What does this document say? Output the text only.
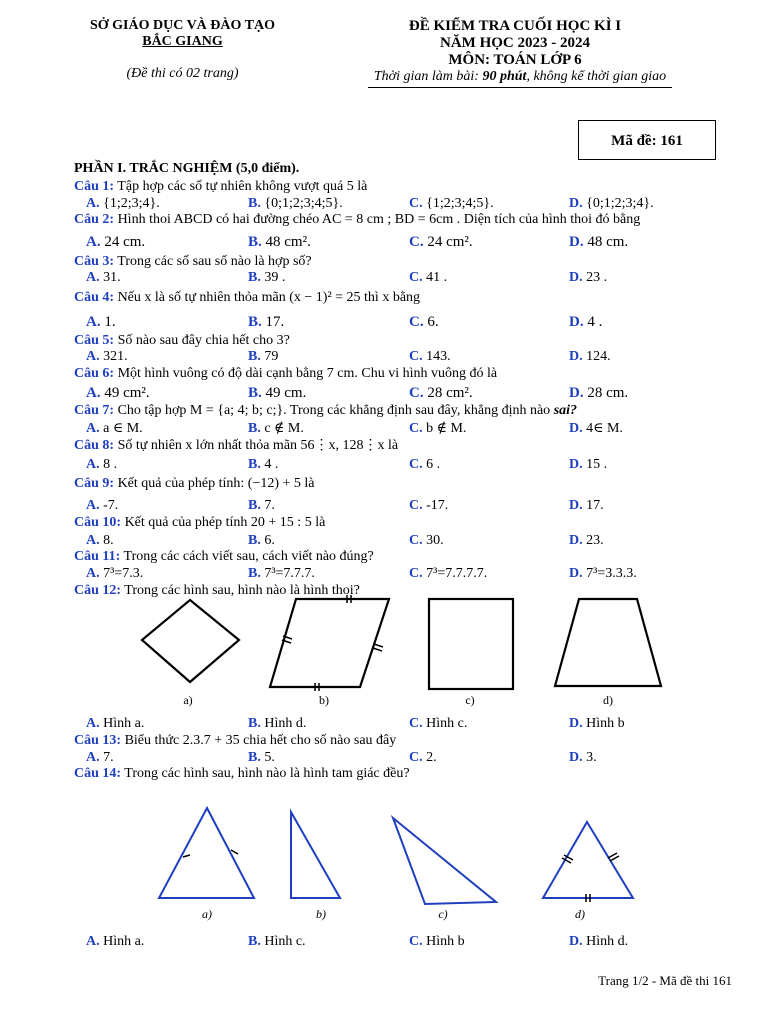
SỞ GIÁO DỤC VÀ ĐÀO TẠO
BẮC GIANG
(Đề thi có 02 trang)
ĐỀ KIỂM TRA CUỐI HỌC KÌ I
NĂM HỌC 2023 - 2024
MÔN: TOÁN LỚP 6
Thời gian làm bài: 90 phút, không kể thời gian giao
Mã đề: 161
PHẦN I. TRẮC NGHIỆM (5,0 điểm).
Câu 1: Tập hợp các số tự nhiên không vượt quá 5 là
A. {1;2;3;4}.	B. {0;1;2;3;4;5}.	C. {1;2;3;4;5}.	D. {0;1;2;3;4}.
Câu 2: Hình thoi ABCD có hai đường chéo AC = 8 cm ; BD = 6cm . Diện tích của hình thoi đó bằng
A. 24 cm.	B. 48 cm².	C. 24 cm².	D. 48 cm.
Câu 3: Trong các số sau số nào là hợp số?
A. 31.	B. 39 .	C. 41 .	D. 23 .
Câu 4: Nếu x là số tự nhiên thỏa mãn (x − 1)² = 25 thì x bằng
A. 1.	B. 17.	C. 6.	D. 4 .
Câu 5: Số nào sau đây chia hết cho 3?
A. 321.	B. 79	C. 143.	D. 124.
Câu 6: Một hình vuông có độ dài cạnh bằng 7 cm. Chu vi hình vuông đó là
A. 49 cm².	B. 49 cm.	C. 28 cm².	D. 28 cm.
Câu 7: Cho tập hợp M = {a; 4; b; c;}. Trong các khẳng định sau đây, khẳng định nào sai?
A. a ∈ M.	B. c ∉ M.	C. b ∉ M.	D. 4∈ M.
Câu 8: Số tự nhiên x lớn nhất thỏa mãn 56⋮x, 128⋮x là
A. 8 .	B. 4 .	C. 6 .	D. 15 .
Câu 9: Kết quả của phép tính: (−12) + 5 là
A. -7.	B. 7.	C. -17.	D. 17.
Câu 10: Kết quả của phép tính 20 + 15 : 5 là
A. 8.	B. 6.	C. 30.	D. 23.
Câu 11: Trong các cách viết sau, cách viết nào đúng?
A. 7³=7.3.	B. 7³=7.7.7.	C. 7³=7.7.7.7.	D. 7³=3.3.3.
Câu 12: Trong các hình sau, hình nào là hình thoi?
A. Hình a.	B. Hình d.	C. Hình c.	D. Hình b
Câu 13: Biểu thức 2.3.7 + 35 chia hết cho số nào sau đây
A. 7.	B. 5.	C. 2.	D. 3.
Câu 14: Trong các hình sau, hình nào là hình tam giác đều?
A. Hình a.	B. Hình c.	C. Hình b	D. Hình d.
a)	b)	c)	d)
a)	b)	c)	d)
Trang 1/2 - Mã đề thi 161
